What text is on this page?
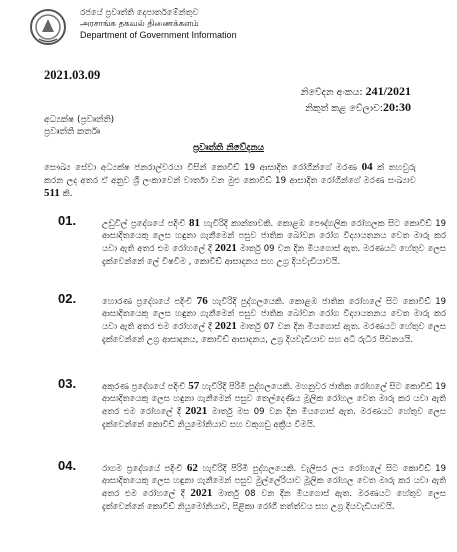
රජයේ ප්‍රවෘත්ති දෙපාර්තමේන්තුව
அரசாங்க தகவல் திணைக்களம்
Department of Government Information
2021.03.09
නිවේදන අංකය: 241/2021
නිකුත් කළ වේලාව:20:30
අධ්‍යක්ෂ (ප්‍රවෘත්ති)
ප්‍රවෘත්ති කර්තෘ
ප්‍රවෘත්ති නිවේදනය
සෞඛ්‍ය සේවා අධ්‍යක්ෂ ජනරාල්වරයා විසින් කොවිඩ් 19 ආසාදිත රෝගීන්ගේ මරණ 04 ක් තහවුරු කරන ලද අතර ඒ අනුව ශ්‍රී ලංකාවෙන් වාර්තා වන මුළු කොවිඩ් 19 ආසාදිත රෝගීන්ගේ මරණ සංඛ්‍යාව 511 කි.
01.	උඩුවිල් ප්‍රදේශයේ පදිංචි 81 හැවිරිදි කාන්තාවකි. කොළඹ පෞද්ගලික රෝහලක සිට කොවිඩ් 19 ආසාදිතයෙකු ලෙස හඳුනා ගැනීමෙන් පසුව ජාතික බෝවන රෝග විද්‍යායතනය වෙත මාරු කර යවා ඇති අතර එම රෝහලේ දී 2021 මාර්තු 09 වන දින මියගොස් ඇත. මරණයට හේතුව ලෙස දැක්වෙන්නේ ලේ විෂවීම , කොවිඩ් ආසාදනය සහ උග්‍ර දියවැඩියාවයි.
02.	හොරණ ප්‍රදේශයේ පදිංචි 76 හැවිරිදි පුද්ගලයෙකි. කොළඹ ජාතික රෝහලේ සිට කොවිඩ් 19 ආසාදිතයෙකු ලෙස හඳුනා ගැනීමෙන් පසුව ජාතික බෝවන රෝග විද්‍යායතනය වෙත මාරු කර යවා ඇති අතර එම රෝහලේ දී 2021 මාර්තු 07 වන දින මියගොස් ඇත. මරණයට හේතුව ලෙස දැක්වෙන්නේ උග්‍ර ආසාදනය, කොවිඩ් ආසාදනය, උග්‍ර දියවැඩියාව සහ අධි රුධිර පීඩනයයි.
03.	අකුරණ ප්‍රදේශයේ පදිංචි 57 හැවිරිදි පිරිමි පුද්ගලයෙකි. මහනුවර ජාතික රෝහලේ සිට කොවිඩ් 19 ආසාදිතයෙකු ලෙස හඳුනා ගැනීමෙන් පසුව තෙල්දෙණිය මූලික රෝහල වෙත මාරු කර යවා ඇති අතර එම රෝහලේ දී 2021 මාර්තු මස 09 වන දින මියගොස් ඇත. මරණයට හේතුව ලෙස දැක්වෙන්නේ කොවිඩ් නියුමෝනියාව සහ වකුගඩු අක්‍රීය වීමයි.
04.	රාගම ප්‍රදේශයේ පදිංචි 62 හැවිරිදි පිරිමි පුද්ගලයෙකි. වැලිසර ලය රෝහලේ සිට කොවිඩ් 19 ආසාදිතයෙකු ලෙස හඳුනා ගැනීමෙන් පසුව මුල්ලේරියාව මූලික රෝහල වෙත මාරු කර යවා ඇති අතර එම රෝහලේ දී 2021 මාර්තු 08 වන දින මියගොස් ඇත. මරණයට හේතුව ලෙස දැක්වෙන්නේ කොවිඩ් නියුමෝනියාව, පිළිකා රෝගී තත්ත්වය සහ උග්‍ර දියවැඩියාවයි.
